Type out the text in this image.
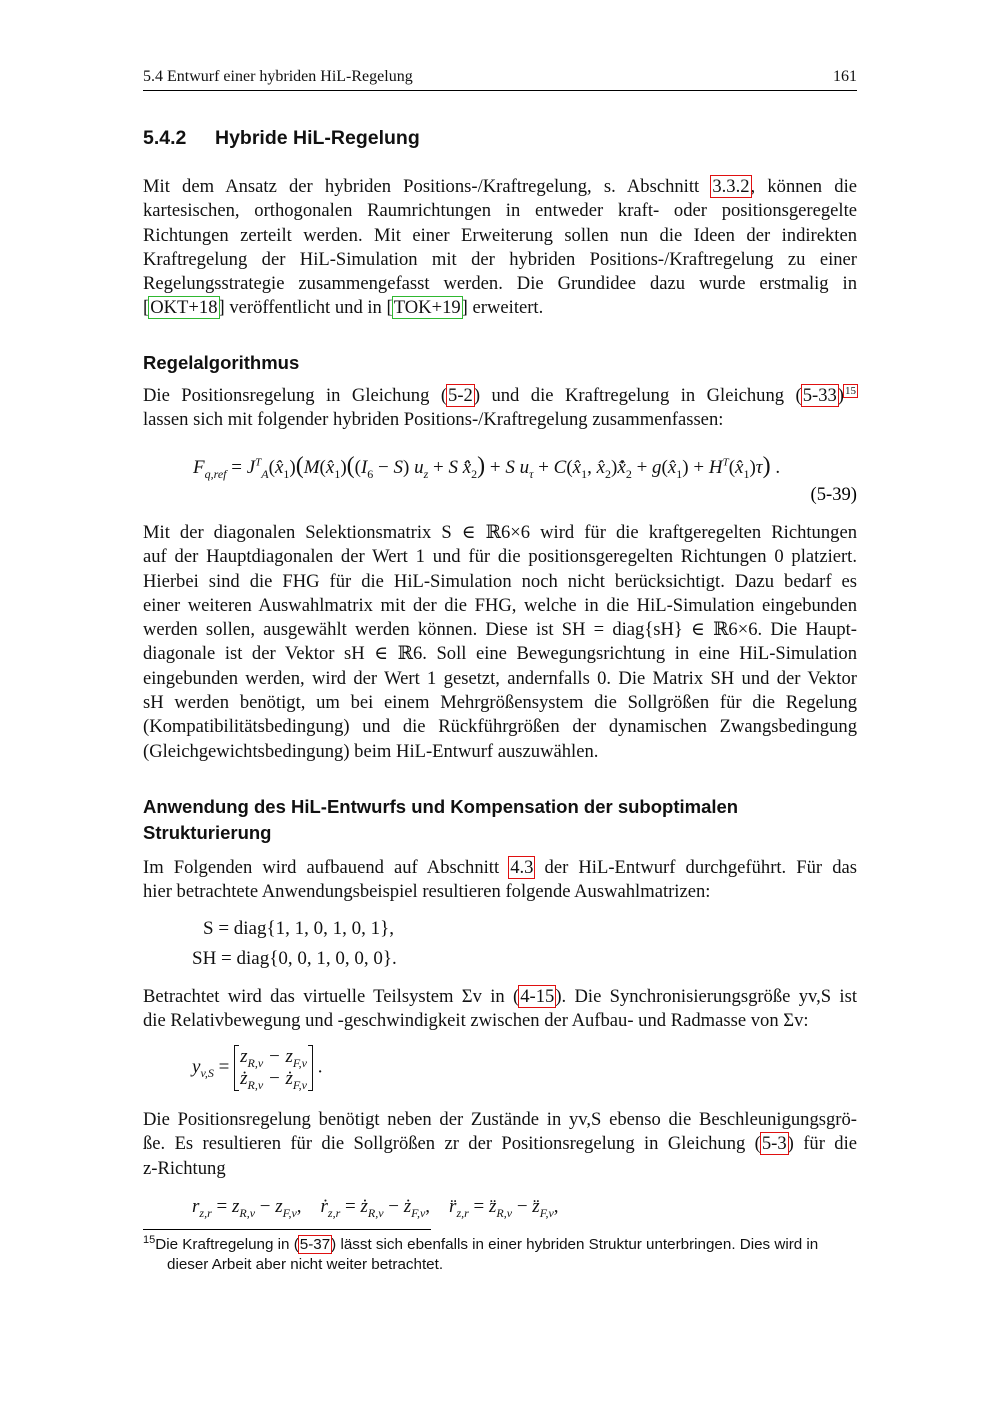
5.4 Entwurf einer hybriden HiL-Regelung	161
5.4.2 Hybride HiL-Regelung
Mit dem Ansatz der hybriden Positions-/Kraftregelung, s. Abschnitt 3.3.2, können die
kartesischen, orthogonalen Raumrichtungen in entweder kraft- oder positionsgeregelte
Richtungen zerteilt werden. Mit einer Erweiterung sollen nun die Ideen der indirekten
Kraftregelung der HiL-Simulation mit der hybriden Positions-/Kraftregelung zu einer
Regelungsstrategie zusammengefasst werden. Die Grundidee dazu wurde erstmalig in
[OKT+18] veröffentlicht und in [TOK+19] erweitert.
Regelalgorithmus
Die Positionsregelung in Gleichung (5-2) und die Kraftregelung in Gleichung (5-33)$^{15}$
lassen sich mit folgender hybriden Positions-/Kraftregelung zusammenfassen:
$F_{q,ref}$ = $J^T_A(x̂_1)(M(x̂_1)((I_6 - S) u_z + S$ $x̂̈_2) + S$ $u_\tau$ + $C(x̂_1$, $x̂_2)x̂̇_2$ + $g(x̂_1)$ + $H^T(x̂_1)\tau$) .
(5-39)
Mit der diagonalen Selektionsmatrix S ∈ ℝ6×6 wird für die kraftgeregelten Richtungen
auf der Hauptdiagonalen der Wert 1 und für die positionsgeregelten Richtungen 0 platziert.
Hierbei sind die FHG für die HiL-Simulation noch nicht berücksichtigt. Dazu bedarf es
einer weiteren Auswahlmatrix mit der die FHG, welche in die HiL-Simulation eingebunden
werden sollen, ausgewählt werden können. Diese ist SH = diag{sH} ∈ ℝ6×6. Die Haupt-
diagonale ist der Vektor sH ∈ ℝ6. Soll eine Bewegungsrichtung in eine HiL-Simulation
eingebunden werden, wird der Wert 1 gesetzt, andernfalls 0. Die Matrix SH und der Vektor
sH werden benötigt, um bei einem Mehrgrößensystem die Sollgrößen für die Regelung
(Kompatibilitätsbedingung) und die Rückführgrößen der dynamischen Zwangsbedingung
(Gleichgewichtsbedingung) beim HiL-Entwurf auszuwählen.
Anwendung des HiL-Entwurfs und Kompensation der suboptimalen
Strukturierung
Im Folgenden wird aufbauend auf Abschnitt 4.3 der HiL-Entwurf durchgeführt. Für das
hier betrachtete Anwendungsbeispiel resultieren folgende Auswahlmatrizen:
S = diag{1, 1, 0, 1, 0, 1},
SH = diag{0, 0, 1, 0, 0, 0}.
Betrachtet wird das virtuelle Teilsystem Σv in (4-15). Die Synchronisierungsgröße yv,S ist
die Relativbewegung und -geschwindigkeit zwischen der Aufbau- und Radmasse von Σv:
$y_{v,S} = z_{R,v} - z_{F,v}$
$ż_{R,v}$ − $ż_{F,v}$
.
Die Positionsregelung benötigt neben der Zustände in yv,S ebenso die Beschleunigungsgrö-
ße. Es resultieren für die Sollgrößen zr der Positionsregelung in Gleichung (5-3) für die
z-Richtung
$r_{z,r} = z_{R,v} - z_{F,v}$,    ṙ$_{z,r}$ = $ż_{R,v}$ − $ż_{F,v}$,    $r̈_{z,r}$ = $z̈_{R,v}$ − $z̈_{F,v}$,
$^{15}$Die Kraftregelung in (5-37) lässt sich ebenfalls in einer hybriden Struktur unterbringen. Dies wird in
dieser Arbeit aber nicht weiter betrachtet.
